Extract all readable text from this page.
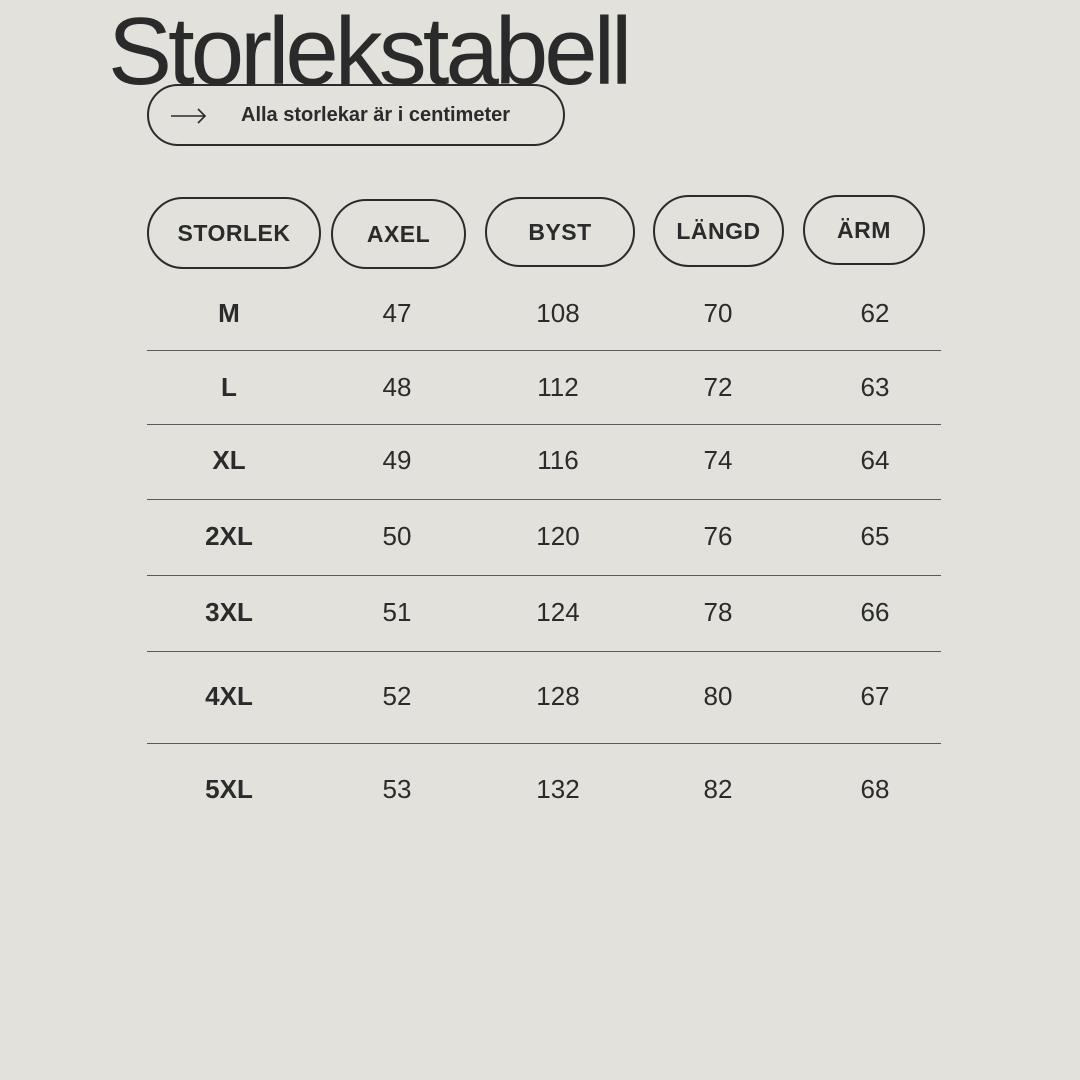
Storlekstabell
Alla storlekar är i centimeter
STORLEK	AXEL	BYST	LÄNGD	ÄRM
M	47	108	70	62
L	48	112	72	63
XL	49	116	74	64
2XL	50	120	76	65
3XL	51	124	78	66
4XL	52	128	80	67
5XL	53	132	82	68
